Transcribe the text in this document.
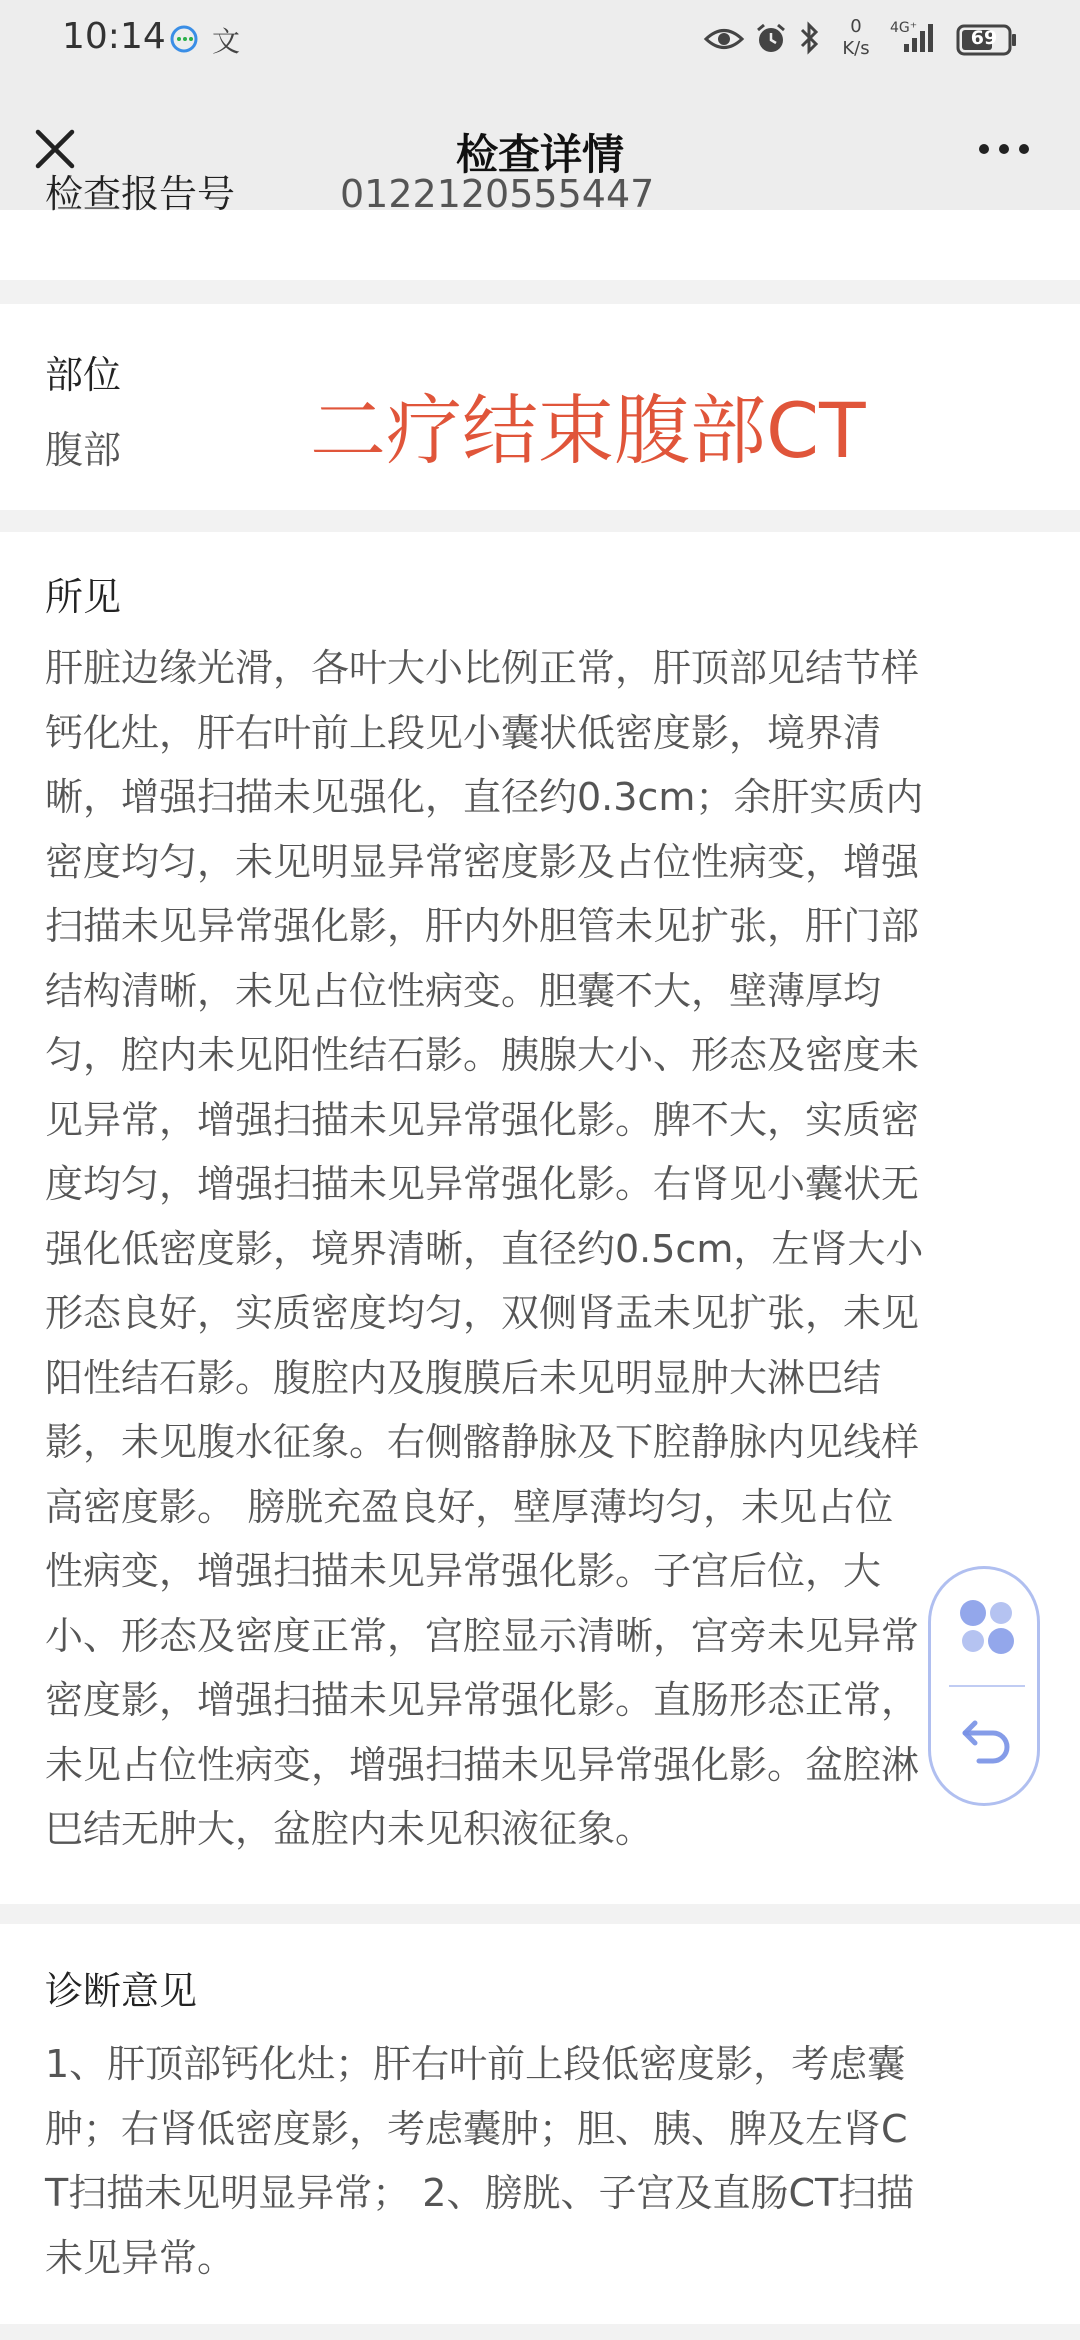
10:14 文	0
K/s
4G⁺	69
检查详情
检查报告号	0122120555447
部位
腹部 二疗结束腹部CT
所见
肝脏边缘光滑，各叶大小比例正常，肝顶部见结节样
钙化灶，肝右叶前上段见小囊状低密度影，境界清
晰，增强扫描未见强化，直径约0.3cm；余肝实质内
密度均匀，未见明显异常密度影及占位性病变，增强
扫描未见异常强化影，肝内外胆管未见扩张，肝门部
结构清晰，未见占位性病变。胆囊不大，壁薄厚均
匀，腔内未见阳性结石影。胰腺大小、形态及密度未
见异常，增强扫描未见异常强化影。脾不大，实质密
度均匀，增强扫描未见异常强化影。右肾见小囊状无
强化低密度影，境界清晰，直径约0.5cm，左肾大小
形态良好，实质密度均匀，双侧肾盂未见扩张，未见
阳性结石影。腹腔内及腹膜后未见明显肿大淋巴结
影，未见腹水征象。右侧髂静脉及下腔静脉内见线样
高密度影。 膀胱充盈良好，壁厚薄均匀，未见占位
性病变，增强扫描未见异常强化影。子宫后位，大
小、形态及密度正常，宫腔显示清晰，宫旁未见异常
密度影，增强扫描未见异常强化影。直肠形态正常，
未见占位性病变，增强扫描未见异常强化影。盆腔淋
巴结无肿大，盆腔内未见积液征象。
诊断意见
1、肝顶部钙化灶；肝右叶前上段低密度影，考虑囊
肿；右肾低密度影，考虑囊肿；胆、胰、脾及左肾C
T扫描未见明显异常； 2、膀胱、子宫及直肠CT扫描
未见异常。
